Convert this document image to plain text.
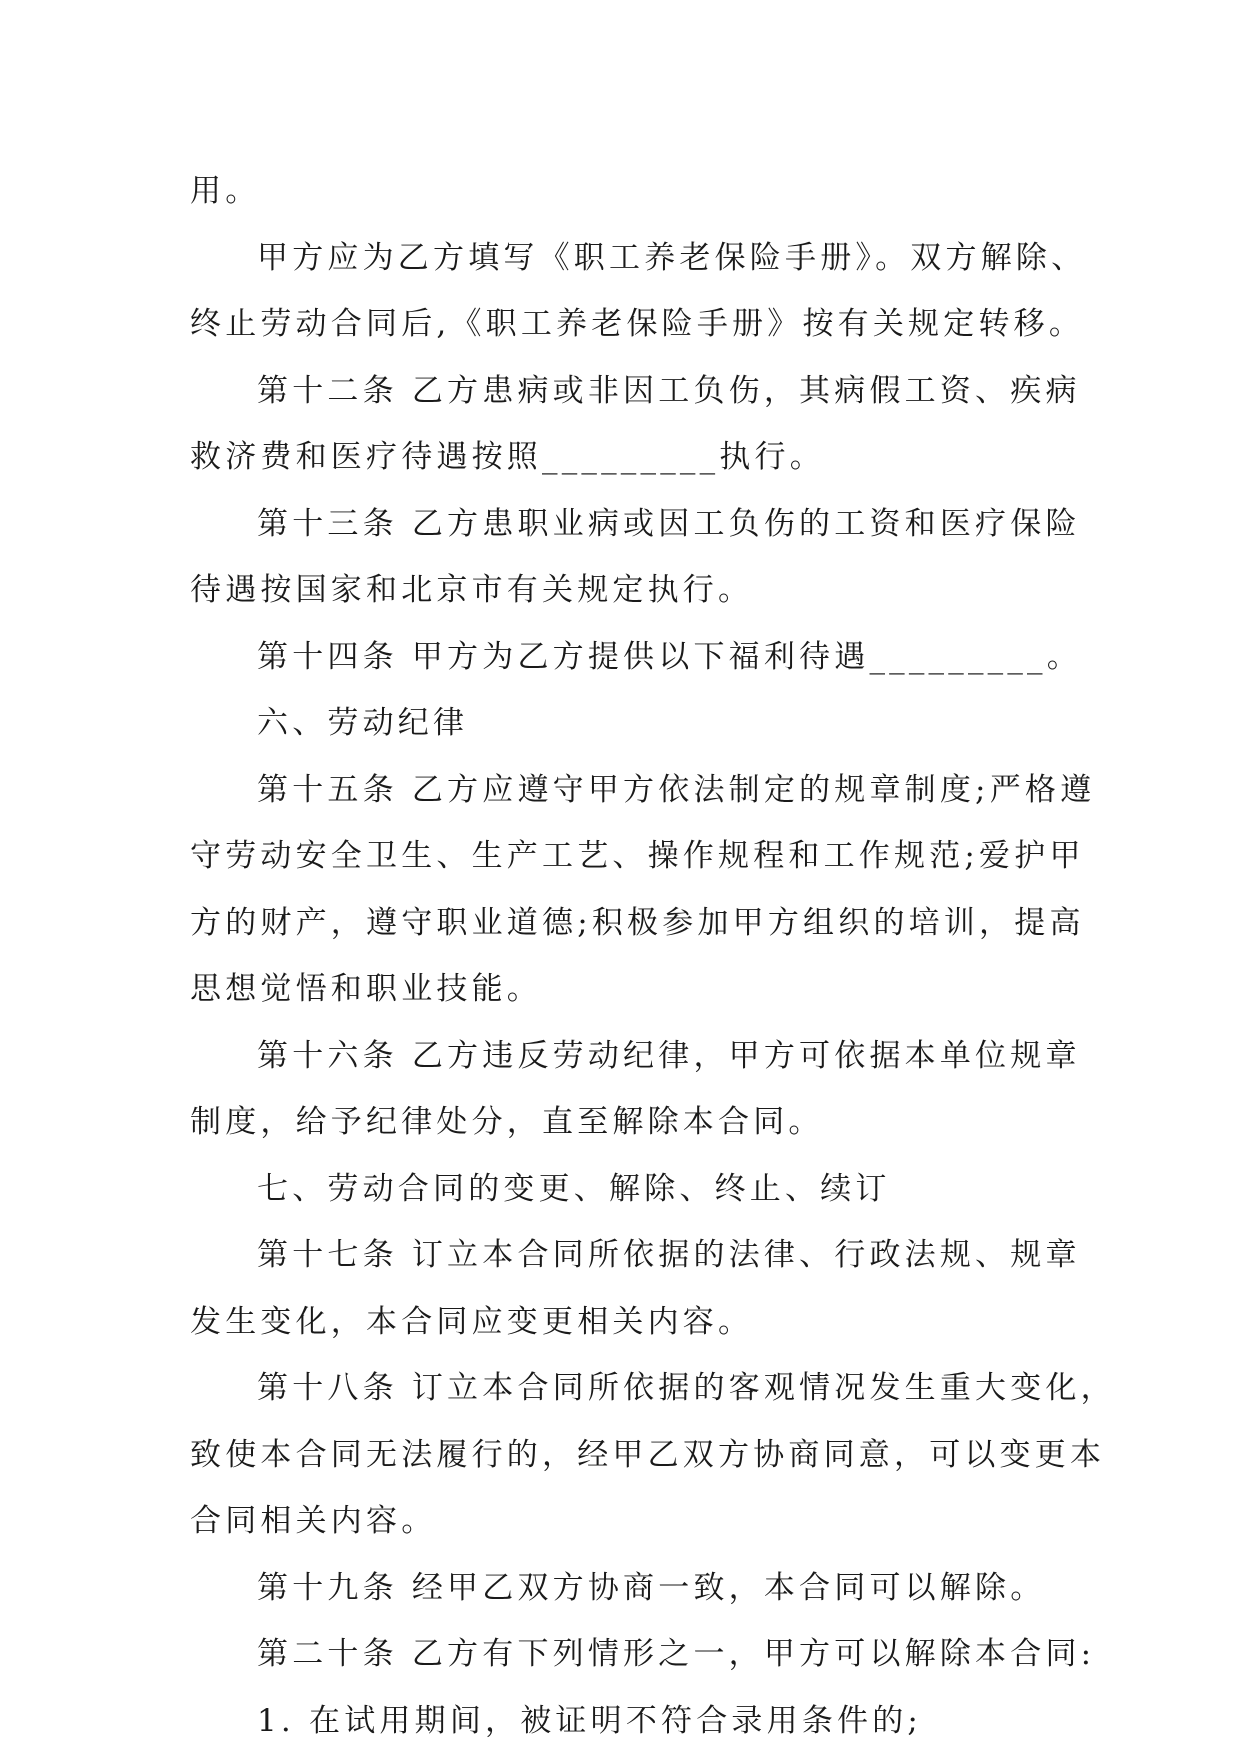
用。
甲方应为乙方填写《职工养老保险手册》。双方解除、
终止劳动合同后,《职工养老保险手册》按有关规定转移。
第十二条 乙方患病或非因工负伤，其病假工资、疾病
救济费和医疗待遇按照_________执行。
第十三条 乙方患职业病或因工负伤的工资和医疗保险
待遇按国家和北京市有关规定执行。
第十四条 甲方为乙方提供以下福利待遇_________。
六、劳动纪律
第十五条 乙方应遵守甲方依法制定的规章制度;严格遵
守劳动安全卫生、生产工艺、操作规程和工作规范;爱护甲
方的财产，遵守职业道德;积极参加甲方组织的培训，提高
思想觉悟和职业技能。
第十六条 乙方违反劳动纪律，甲方可依据本单位规章
制度，给予纪律处分，直至解除本合同。
七、劳动合同的变更、解除、终止、续订
第十七条 订立本合同所依据的法律、行政法规、规章
发生变化，本合同应变更相关内容。
第十八条 订立本合同所依据的客观情况发生重大变化，
致使本合同无法履行的，经甲乙双方协商同意，可以变更本
合同相关内容。
第十九条 经甲乙双方协商一致，本合同可以解除。
第二十条 乙方有下列情形之一，甲方可以解除本合同:
1. 在试用期间，被证明不符合录用条件的;
